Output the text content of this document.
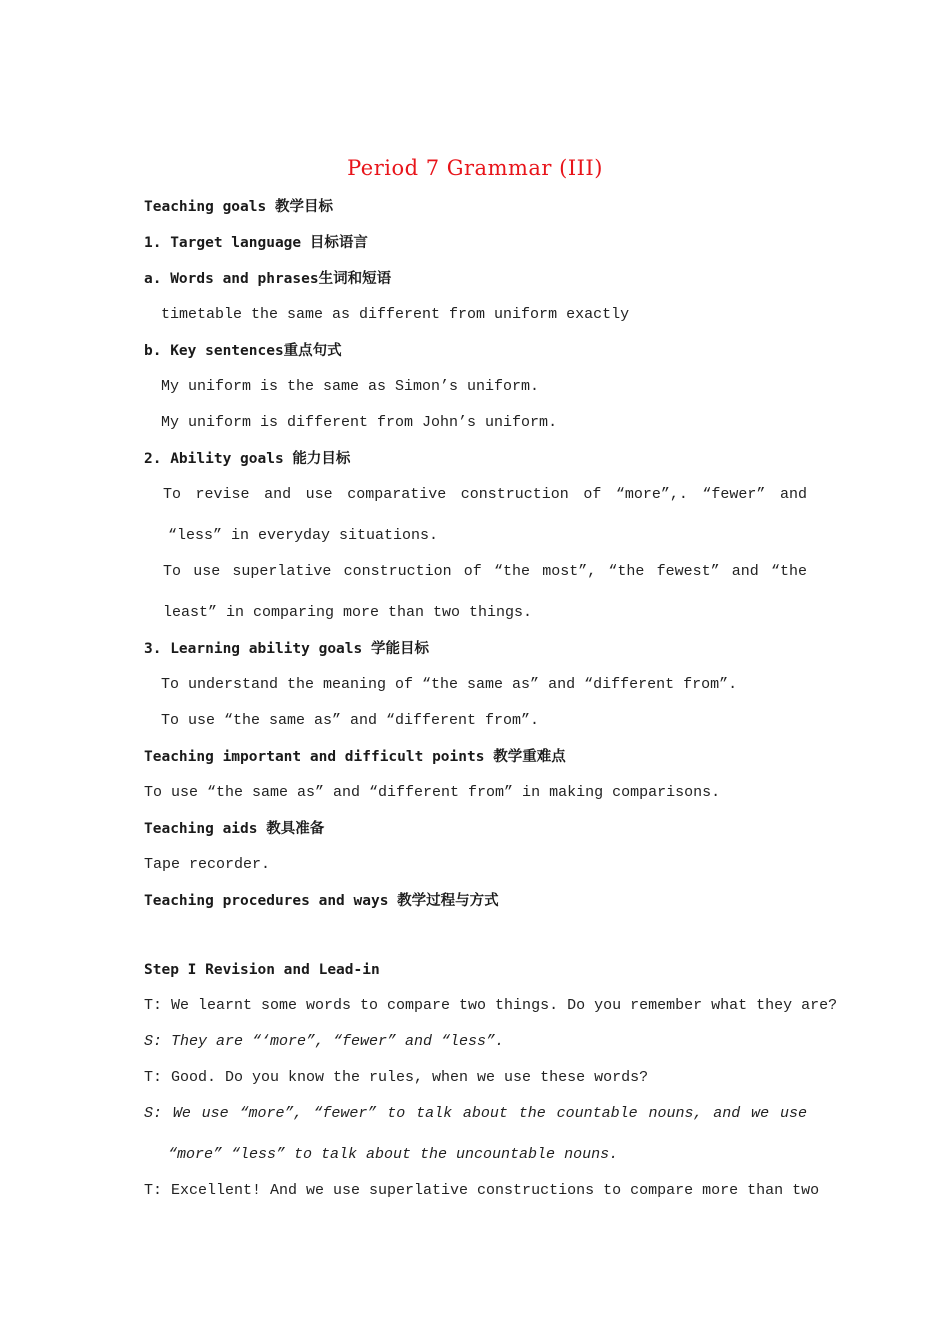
Period 7 Grammar (III)
Teaching goals 教学目标
1. Target language 目标语言
a. Words and phrases生词和短语
timetable the same as different from uniform exactly
b. Key sentences重点句式
My uniform is the same as Simon’s uniform.
My uniform is different from John’s uniform.
2. Ability goals 能力目标
To revise and use comparative construction of “more”,. “fewer” and
“less” in everyday situations.
To use superlative construction of “the most”, “the fewest” and “the
least” in comparing more than two things.
3. Learning ability goals 学能目标
To understand the meaning of “the same as” and “different from”.
To use “the same as” and “different from”.
Teaching important and difficult points 教学重难点
To use “the same as” and “different from” in making comparisons.
Teaching aids 教具准备
Tape recorder.
Teaching procedures and ways 教学过程与方式
Step I Revision and Lead-in
T: We learnt some words to compare two things. Do you remember what they are?
S: They are “‘more”, “fewer” and “less”.
T: Good. Do you know the rules, when we use these words?
S: We use “more”, “fewer” to talk about the countable nouns, and we use
“more” “less” to talk about the uncountable nouns.
T: Excellent! And we use superlative constructions to compare more than two
